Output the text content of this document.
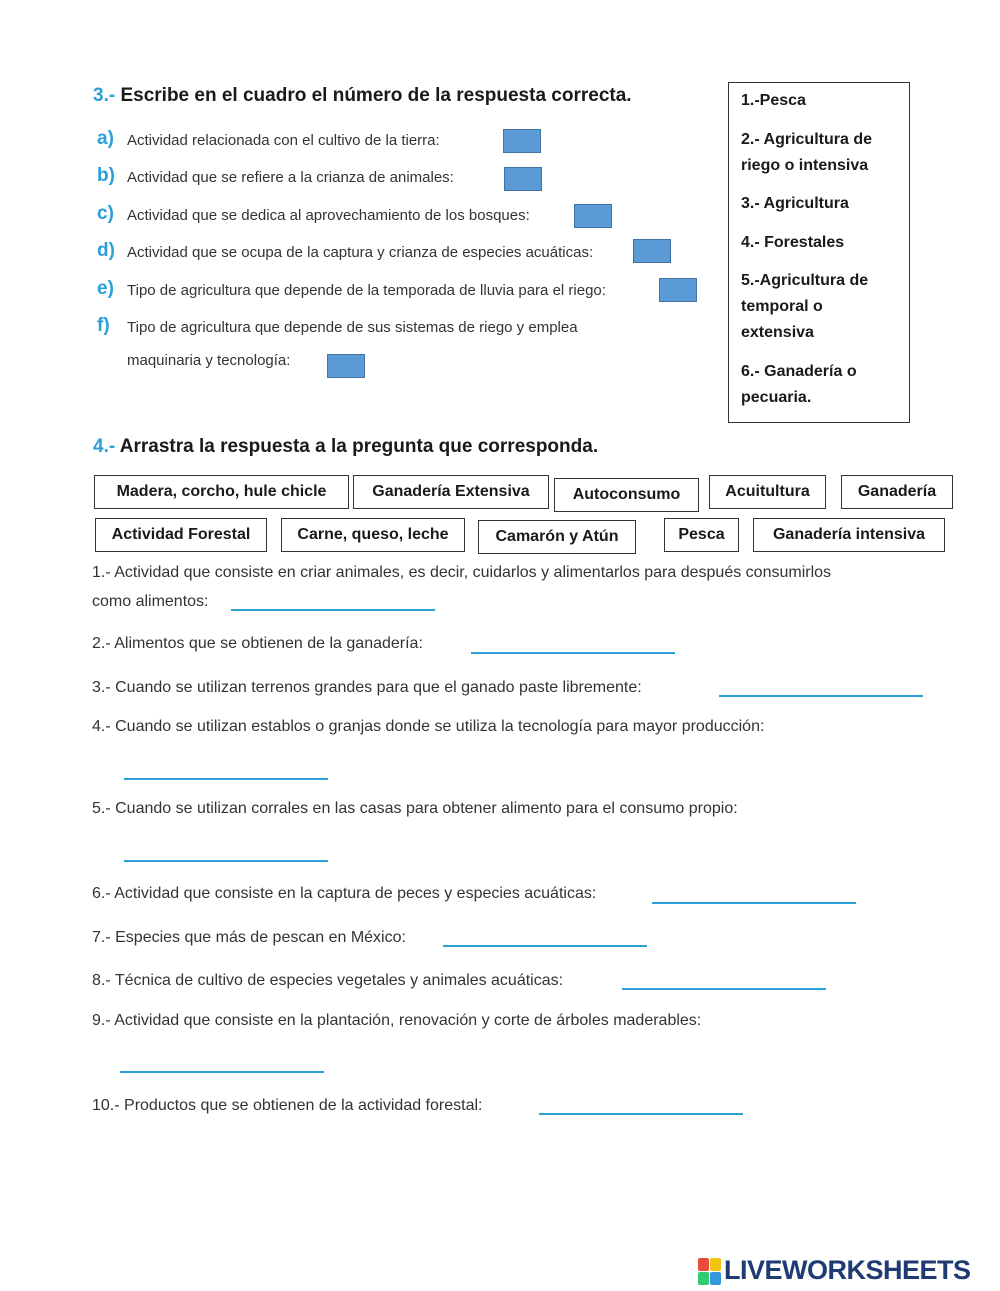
3.- Escribe en el cuadro el número de la respuesta correcta.
a) Actividad relacionada con el cultivo de la tierra:
b) Actividad que se refiere a la crianza de animales:
c) Actividad que se dedica al aprovechamiento de los bosques:
d) Actividad que se ocupa de la captura y crianza de especies acuáticas:
e) Tipo de agricultura que depende de la temporada de lluvia para el riego:
f) Tipo de agricultura que depende de sus sistemas de riego y emplea
maquinaria y tecnología:
1.-Pesca
2.- Agricultura de
riego o intensiva
3.- Agricultura
4.- Forestales
5.-Agricultura de
temporal o
extensiva
6.- Ganadería o
pecuaria.
4.- Arrastra la respuesta a la pregunta que corresponda.
Madera, corcho, hule chicle	Ganadería Extensiva	Autoconsumo	Acuitultura	Ganadería
Actividad Forestal	Carne, queso, leche	Camarón y Atún	Pesca	Ganadería intensiva
1.- Actividad que consiste en criar animales, es decir, cuidarlos y alimentarlos para después consumirlos
como alimentos:
2.- Alimentos que se obtienen de la ganadería:
3.- Cuando se utilizan terrenos grandes para que el ganado paste libremente:
4.- Cuando se utilizan establos o granjas donde se utiliza la tecnología para mayor producción:
5.- Cuando se utilizan corrales en las casas para obtener alimento para el consumo propio:
6.- Actividad que consiste en la captura de peces y especies acuáticas:
7.- Especies que más de pescan en México:
8.- Técnica de cultivo de especies vegetales y animales acuáticas:
9.- Actividad que consiste en la plantación, renovación y corte de árboles maderables:
10.- Productos que se obtienen de la actividad forestal:
LIVEWORKSHEETS
